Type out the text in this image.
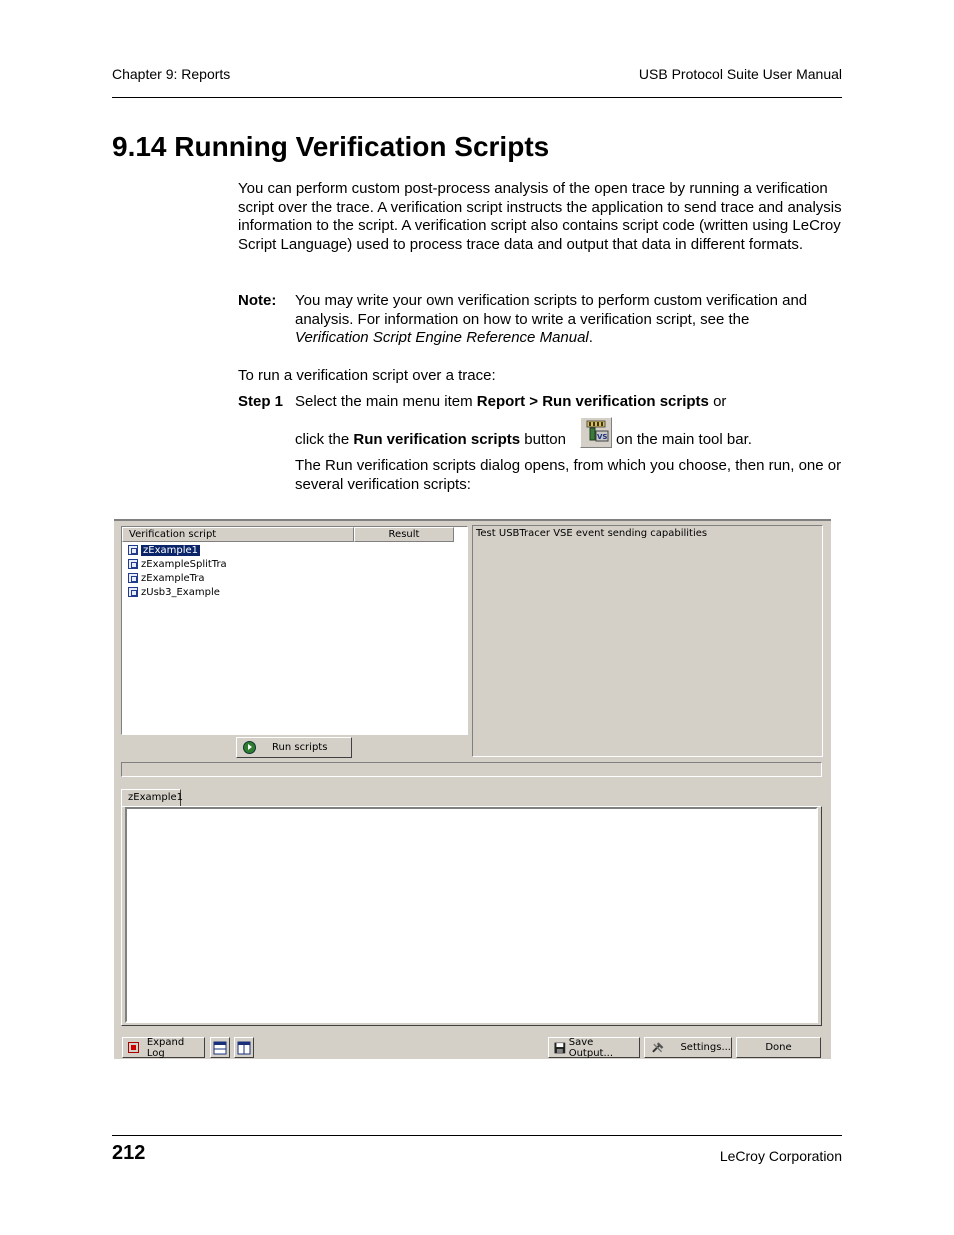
Chapter 9: Reports	USB Protocol Suite User Manual
9.14 Running Verification Scripts

You can perform custom post-process analysis of the open trace by running a verification script over the trace. A verification script instructs the application to send trace and analysis information to the script. A verification script also contains script code (written using LeCroy Script Language) used to process trace data and output that data in different formats.

Note: You may write your own verification scripts to perform custom verification and analysis. For information on how to write a verification script, see the Verification Script Engine Reference Manual.

To run a verification script over a trace:

Step 1 Select the main menu item Report > Run verification scripts or

click the Run verification scripts button	VS on the main tool bar.

The Run verification scripts dialog opens, from which you choose, then run, one or several verification scripts:

Verification script	Result
zExample1
zExampleSplitTra
zExampleTra
zUsb3_Example
Test USBTracer VSE event sending capabilities
Run scripts
zExample1
Expand Log
Save Output...	Settings...	Done
212	LeCroy Corporation
